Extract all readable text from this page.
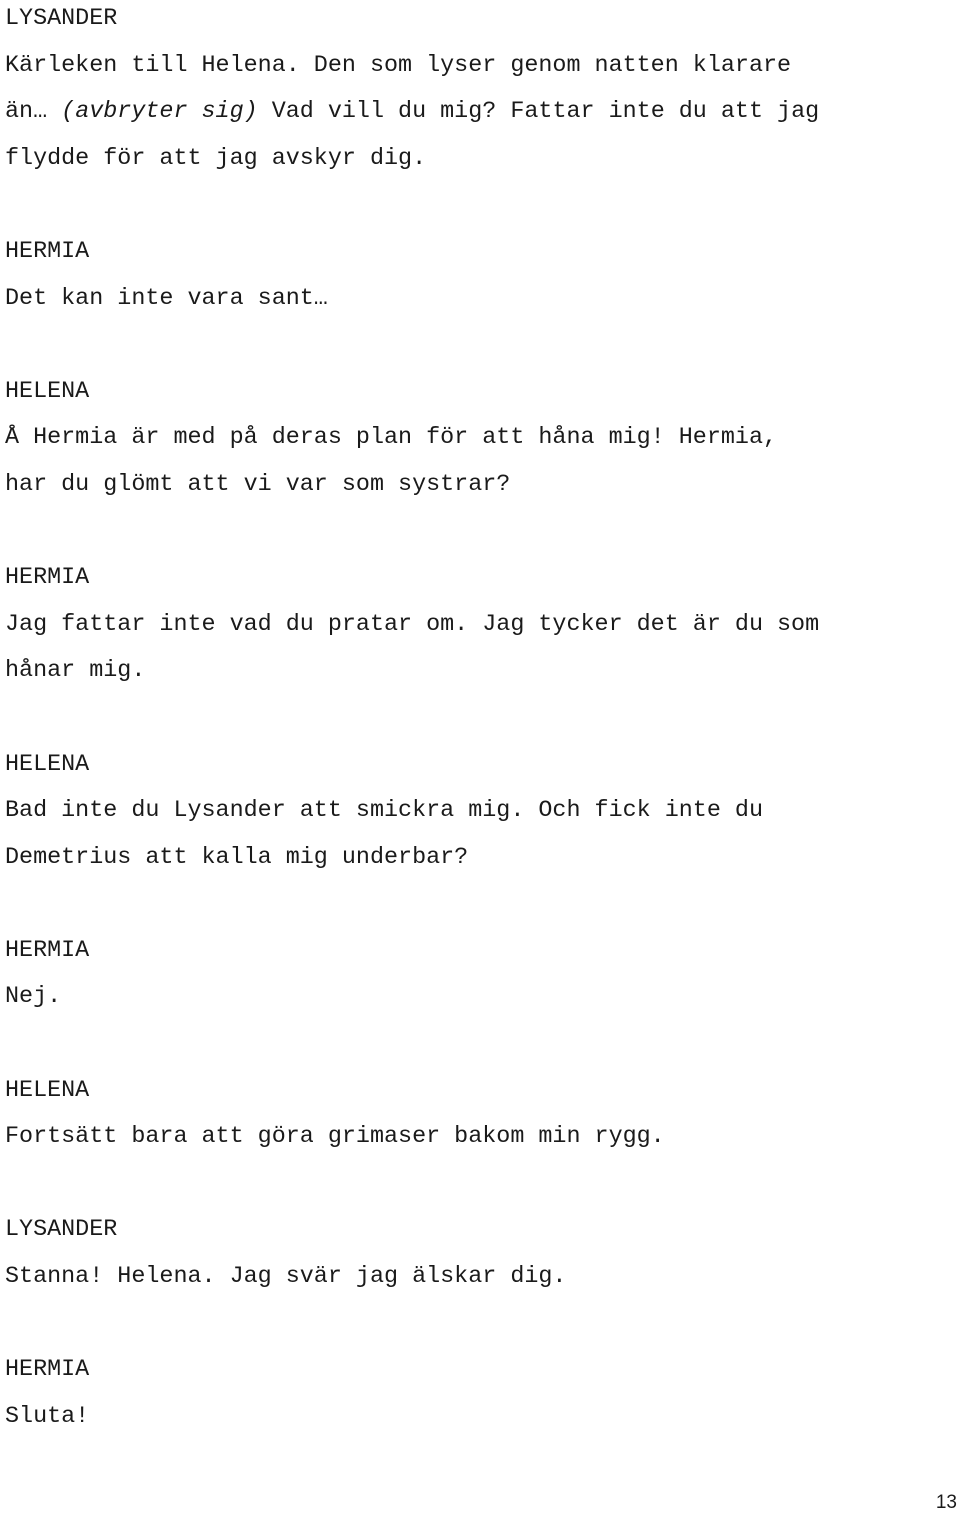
LYSANDER
Kärleken till Helena. Den som lyser genom natten klarare
än… (avbryter sig) Vad vill du mig? Fattar inte du att jag
flydde för att jag avskyr dig.
HERMIA
Det kan inte vara sant…
HELENA
Å Hermia är med på deras plan för att håna mig! Hermia,
har du glömt att vi var som systrar?
HERMIA
Jag fattar inte vad du pratar om. Jag tycker det är du som
hånar mig.
HELENA
Bad inte du Lysander att smickra mig. Och fick inte du
Demetrius att kalla mig underbar?
HERMIA
Nej.
HELENA
Fortsätt bara att göra grimaser bakom min rygg.
LYSANDER
Stanna! Helena. Jag svär jag älskar dig.
HERMIA
Sluta!
13
